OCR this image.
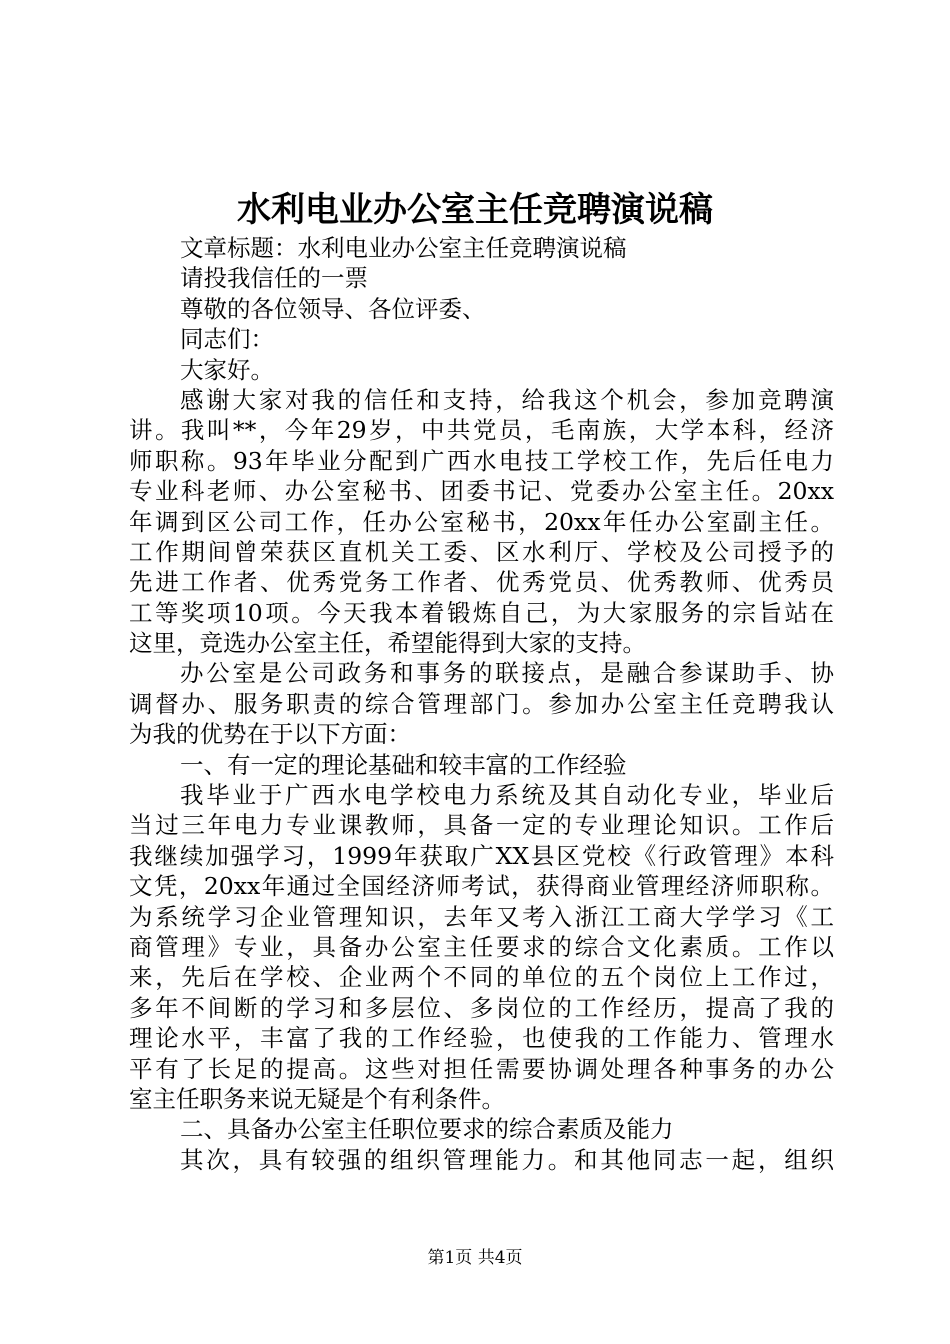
水利电业办公室主任竞聘演说稿
文章标题：水利电业办公室主任竞聘演说稿
请投我信任的一票
尊敬的各位领导、各位评委、
同志们：
大家好。
感谢大家对我的信任和支持，给我这个机会，参加竞聘演
讲。我叫**，今年29岁，中共党员，毛南族，大学本科，经济
师职称。93年毕业分配到广西水电技工学校工作，先后任电力
专业科老师、办公室秘书、团委书记、党委办公室主任。20xx
年调到区公司工作，任办公室秘书，20xx年任办公室副主任。
工作期间曾荣获区直机关工委、区水利厅、学校及公司授予的
先进工作者、优秀党务工作者、优秀党员、优秀教师、优秀员
工等奖项10项。今天我本着锻炼自己，为大家服务的宗旨站在
这里，竞选办公室主任，希望能得到大家的支持。
办公室是公司政务和事务的联接点，是融合参谋助手、协
调督办、服务职责的综合管理部门。参加办公室主任竞聘我认
为我的优势在于以下方面：
一、有一定的理论基础和较丰富的工作经验
我毕业于广西水电学校电力系统及其自动化专业，毕业后
当过三年电力专业课教师，具备一定的专业理论知识。工作后
我继续加强学习，1999年获取广XX县区党校《行政管理》本科
文凭，20xx年通过全国经济师考试，获得商业管理经济师职称。
为系统学习企业管理知识，去年又考入浙江工商大学学习《工
商管理》专业，具备办公室主任要求的综合文化素质。工作以
来，先后在学校、企业两个不同的单位的五个岗位上工作过，
多年不间断的学习和多层位、多岗位的工作经历，提高了我的
理论水平，丰富了我的工作经验，也使我的工作能力、管理水
平有了长足的提高。这些对担任需要协调处理各种事务的办公
室主任职务来说无疑是个有利条件。
二、具备办公室主任职位要求的综合素质及能力
其次，具有较强的组织管理能力。和其他同志一起，组织
第1页 共4页
